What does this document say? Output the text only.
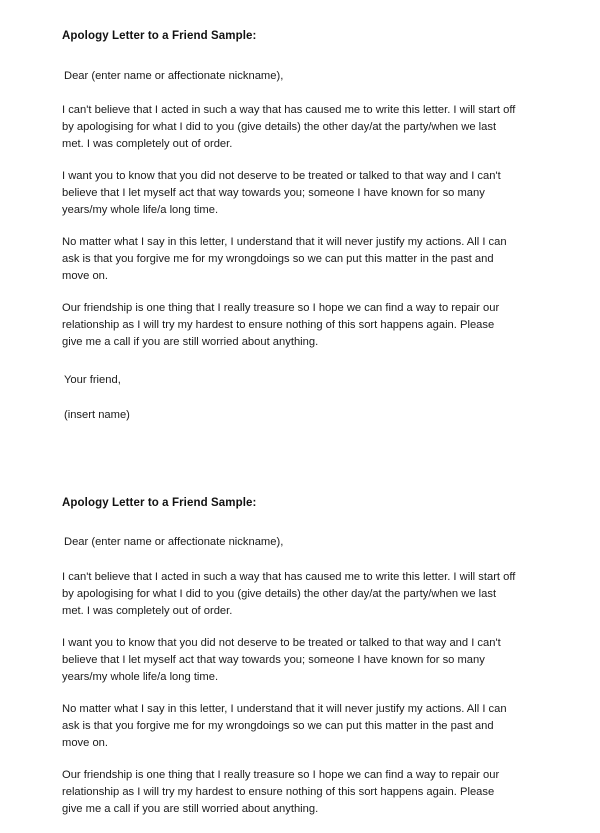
Apology Letter to a Friend Sample:

Dear (enter name or affectionate nickname),

I can't believe that I acted in such a way that has caused me to write this letter. I will start off by apologising for what I did to you (give details) the other day/at the party/when we last met. I was completely out of order.

I want you to know that you did not deserve to be treated or talked to that way and I can't believe that I let myself act that way towards you; someone I have known for so many years/my whole life/a long time.

No matter what I say in this letter, I understand that it will never justify my actions. All I can ask is that you forgive me for my wrongdoings so we can put this matter in the past and move on.

Our friendship is one thing that I really treasure so I hope we can find a way to repair our relationship as I will try my hardest to ensure nothing of this sort happens again. Please give me a call if you are still worried about anything.

Your friend,

(insert name)

Apology Letter to a Friend Sample:

Dear (enter name or affectionate nickname),

I can't believe that I acted in such a way that has caused me to write this letter. I will start off by apologising for what I did to you (give details) the other day/at the party/when we last met. I was completely out of order.

I want you to know that you did not deserve to be treated or talked to that way and I can't believe that I let myself act that way towards you; someone I have known for so many years/my whole life/a long time.

No matter what I say in this letter, I understand that it will never justify my actions. All I can ask is that you forgive me for my wrongdoings so we can put this matter in the past and move on.

Our friendship is one thing that I really treasure so I hope we can find a way to repair our relationship as I will try my hardest to ensure nothing of this sort happens again. Please give me a call if you are still worried about anything.
